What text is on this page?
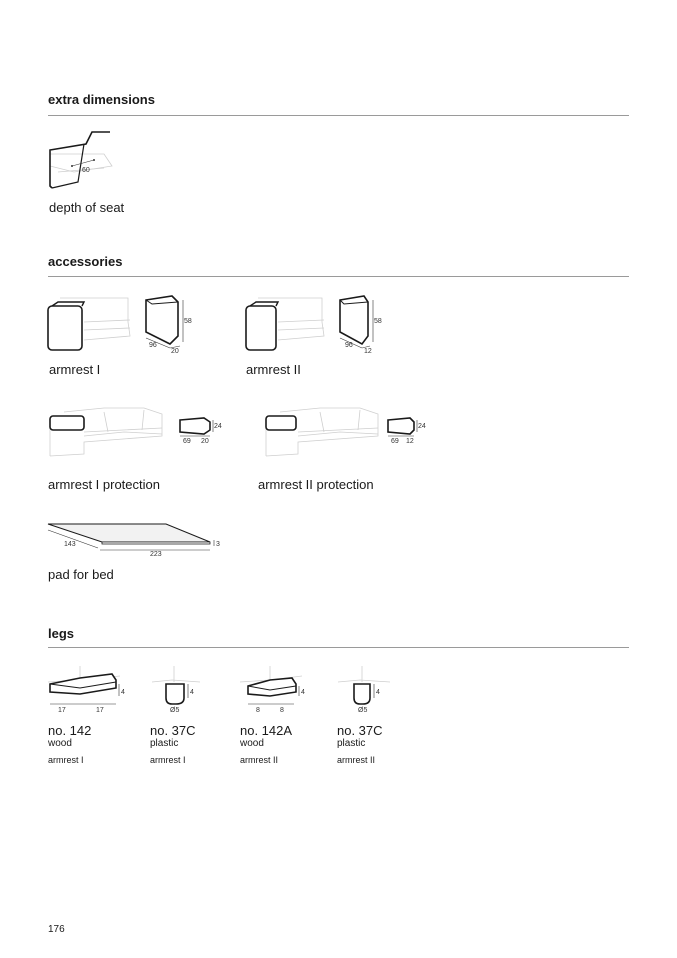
extra dimensions
60
depth of seat
accessories
58
96
20
armrest I
58
96
12
armrest II
24
69 20
armrest I protection
24
69 12
armrest II protection
143
223
3
pad for bed
legs
4
17	17
no. 142
wood
armrest I
4
Ø5
no. 37C
plastic
armrest I
4
8	8
no. 142A
wood
armrest II
4
Ø5
no. 37C
plastic
armrest II
176
